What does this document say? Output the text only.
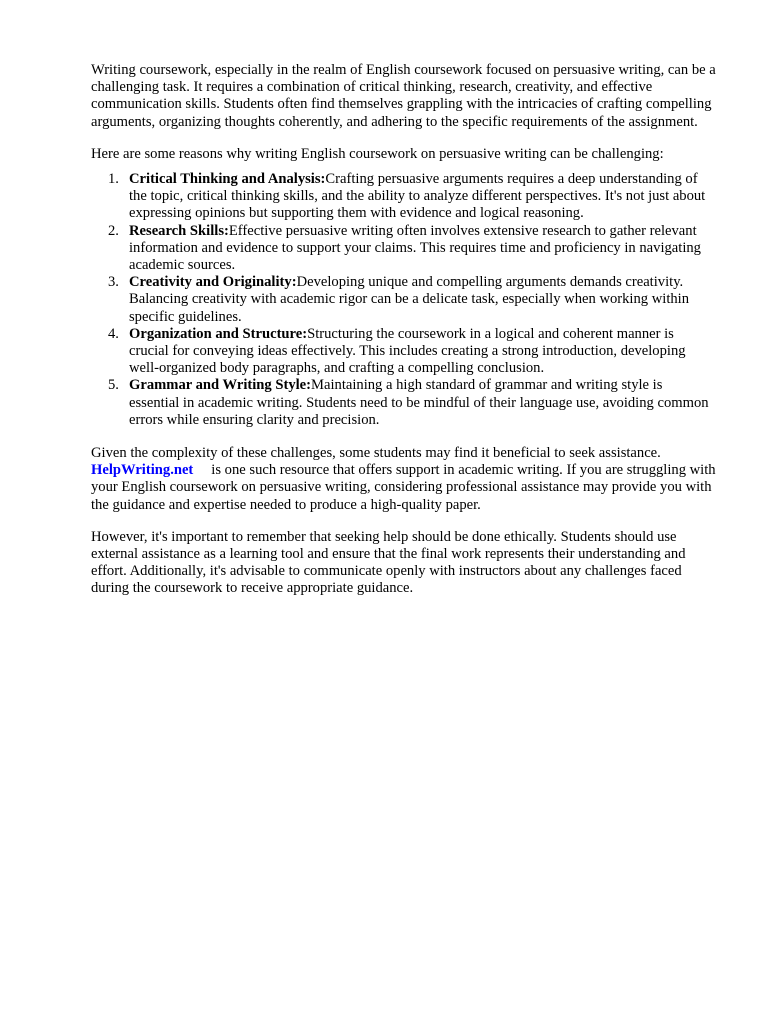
Writing coursework, especially in the realm of English coursework focused on persuasive writing, can be a challenging task. It requires a combination of critical thinking, research, creativity, and effective communication skills. Students often find themselves grappling with the intricacies of crafting compelling arguments, organizing thoughts coherently, and adhering to the specific requirements of the assignment.

Here are some reasons why writing English coursework on persuasive writing can be challenging:

1. Critical Thinking and Analysis:Crafting persuasive arguments requires a deep understanding of the topic, critical thinking skills, and the ability to analyze different perspectives. It's not just about expressing opinions but supporting them with evidence and logical reasoning.
2. Research Skills:Effective persuasive writing often involves extensive research to gather relevant information and evidence to support your claims. This requires time and proficiency in navigating academic sources.
3. Creativity and Originality:Developing unique and compelling arguments demands creativity. Balancing creativity with academic rigor can be a delicate task, especially when working within specific guidelines.
4. Organization and Structure:Structuring the coursework in a logical and coherent manner is crucial for conveying ideas effectively. This includes creating a strong introduction, developing well-organized body paragraphs, and crafting a compelling conclusion.
5. Grammar and Writing Style:Maintaining a high standard of grammar and writing style is essential in academic writing. Students need to be mindful of their language use, avoiding common errors while ensuring clarity and precision.

Given the complexity of these challenges, some students may find it beneficial to seek assistance. HelpWriting.net is one such resource that offers support in academic writing. If you are struggling with your English coursework on persuasive writing, considering professional assistance may provide you with the guidance and expertise needed to produce a high-quality paper.

However, it's important to remember that seeking help should be done ethically. Students should use external assistance as a learning tool and ensure that the final work represents their understanding and effort. Additionally, it's advisable to communicate openly with instructors about any challenges faced during the coursework to receive appropriate guidance.
